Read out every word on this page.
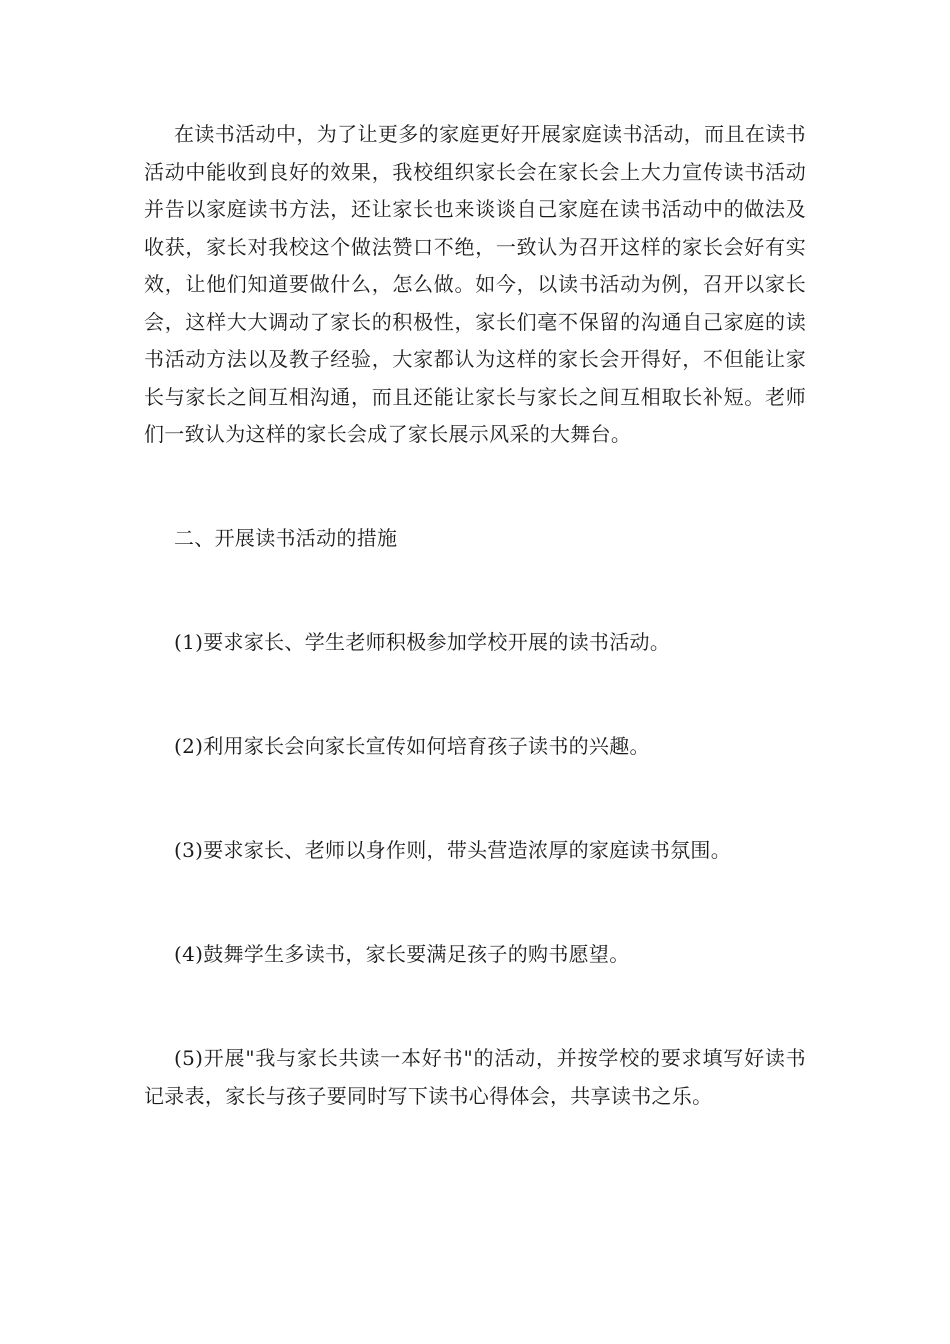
在读书活动中，为了让更多的家庭更好开展家庭读书活动，而且在读书活动中能收到良好的效果，我校组织家长会在家长会上大力宣传读书活动并告以家庭读书方法，还让家长也来谈谈自己家庭在读书活动中的做法及收获，家长对我校这个做法赞口不绝，一致认为召开这样的家长会好有实效，让他们知道要做什么，怎么做。如今，以读书活动为例，召开以家长会，这样大大调动了家长的积极性，家长们毫不保留的沟通自己家庭的读书活动方法以及教子经验，大家都认为这样的家长会开得好，不但能让家长与家长之间互相沟通，而且还能让家长与家长之间互相取长补短。老师们一致认为这样的家长会成了家长展示风采的大舞台。

二、开展读书活动的措施

(1)要求家长、学生老师积极参加学校开展的读书活动。

(2)利用家长会向家长宣传如何培育孩子读书的兴趣。

(3)要求家长、老师以身作则，带头营造浓厚的家庭读书氛围。

(4)鼓舞学生多读书，家长要满足孩子的购书愿望。

(5)开展"我与家长共读一本好书"的活动，并按学校的要求填写好读书记录表，家长与孩子要同时写下读书心得体会，共享读书之乐。
